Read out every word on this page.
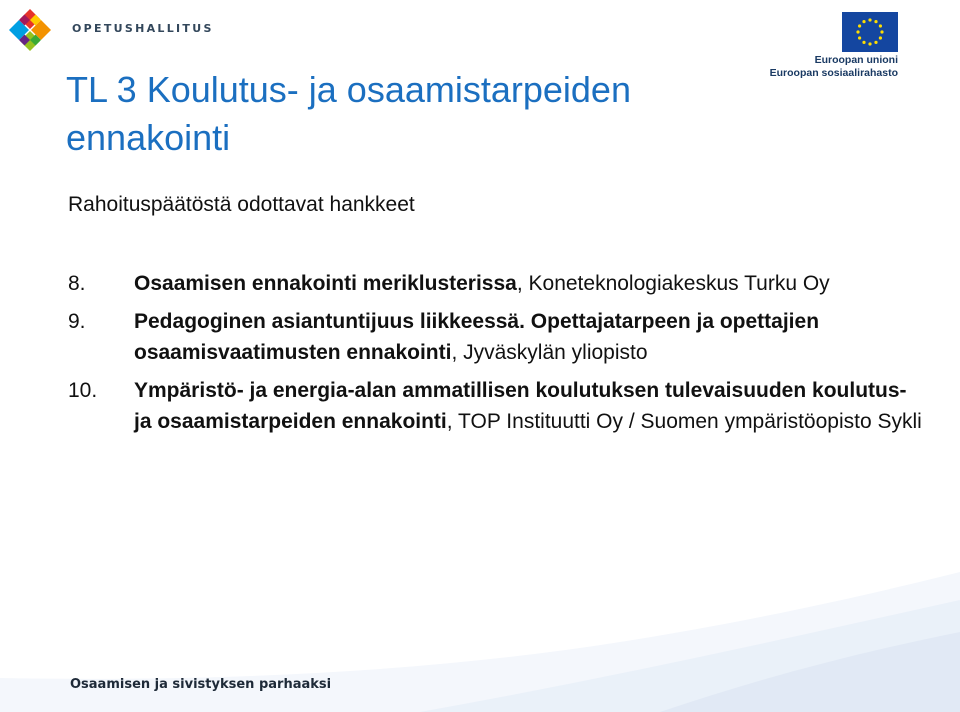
OPETUSHALLITUS
Euroopan unioni
Euroopan sosiaalirahasto
TL 3 Koulutus- ja osaamistarpeiden ennakointi

Rahoituspäätöstä odottavat hankkeet

8.	Osaamisen ennakointi meriklusterissa, Koneteknologiakeskus Turku Oy
9.	Pedagoginen asiantuntijuus liikkeessä. Opettajatarpeen ja opettajien osaamisvaatimusten ennakointi, Jyväskylän yliopisto
10.	Ympäristö- ja energia-alan ammatillisen koulutuksen tulevaisuuden koulutus- ja osaamistarpeiden ennakointi, TOP Instituutti Oy / Suomen ympäristöopisto Sykli
Osaamisen ja sivistyksen parhaaksi
